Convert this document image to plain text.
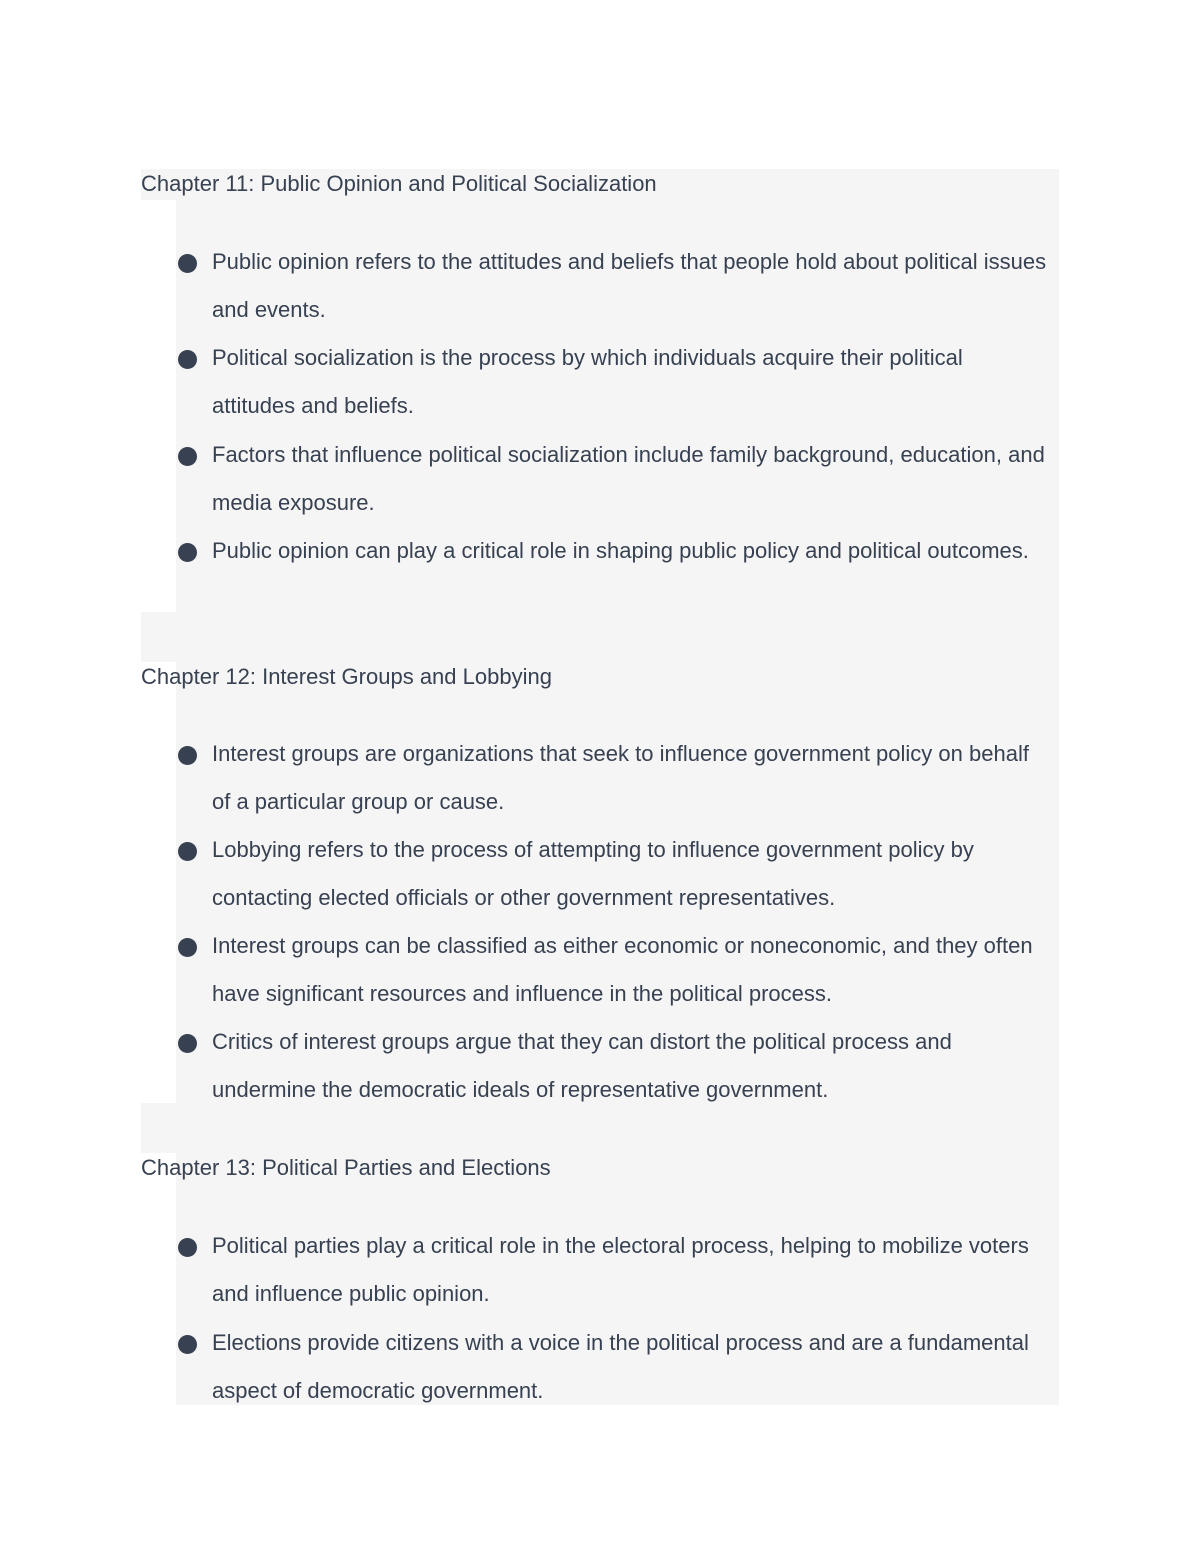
Chapter 11: Public Opinion and Political Socialization
Public opinion refers to the attitudes and beliefs that people hold about political issues and events.
Political socialization is the process by which individuals acquire their political attitudes and beliefs.
Factors that influence political socialization include family background, education, and media exposure.
Public opinion can play a critical role in shaping public policy and political outcomes.
Chapter 12: Interest Groups and Lobbying
Interest groups are organizations that seek to influence government policy on behalf of a particular group or cause.
Lobbying refers to the process of attempting to influence government policy by contacting elected officials or other government representatives.
Interest groups can be classified as either economic or noneconomic, and they often have significant resources and influence in the political process.
Critics of interest groups argue that they can distort the political process and undermine the democratic ideals of representative government.
Chapter 13: Political Parties and Elections
Political parties play a critical role in the electoral process, helping to mobilize voters and influence public opinion.
Elections provide citizens with a voice in the political process and are a fundamental aspect of democratic government.
